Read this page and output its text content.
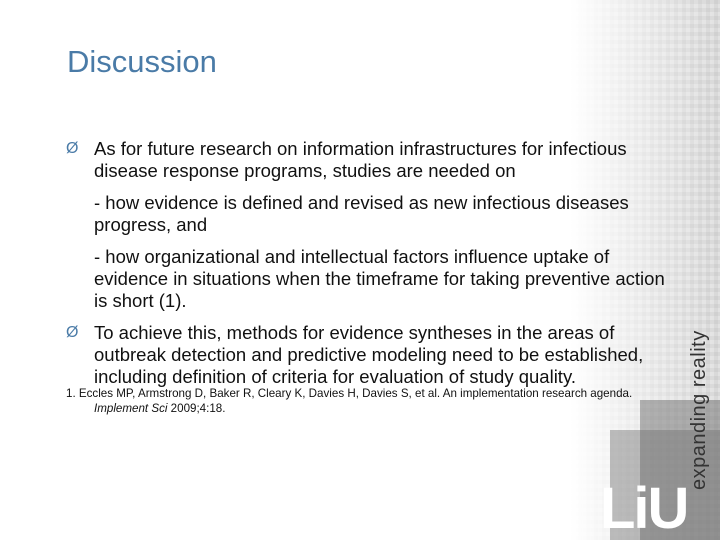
Discussion
Ø As for future research on information infrastructures for infectious disease response programs, studies are needed on
- how evidence is defined and revised as new infectious diseases progress, and
- how organizational and intellectual factors influence uptake of evidence in situations when the timeframe for taking preventive action is short (1).
Ø To achieve this, methods for evidence syntheses in the areas of outbreak detection and predictive modeling need to be established, including definition of criteria for evaluation of study quality.
1. Eccles MP, Armstrong D, Baker R, Cleary K, Davies H, Davies S, et al. An implementation research agenda.
Implement Sci 2009;4:18.	expanding reality
LiU
